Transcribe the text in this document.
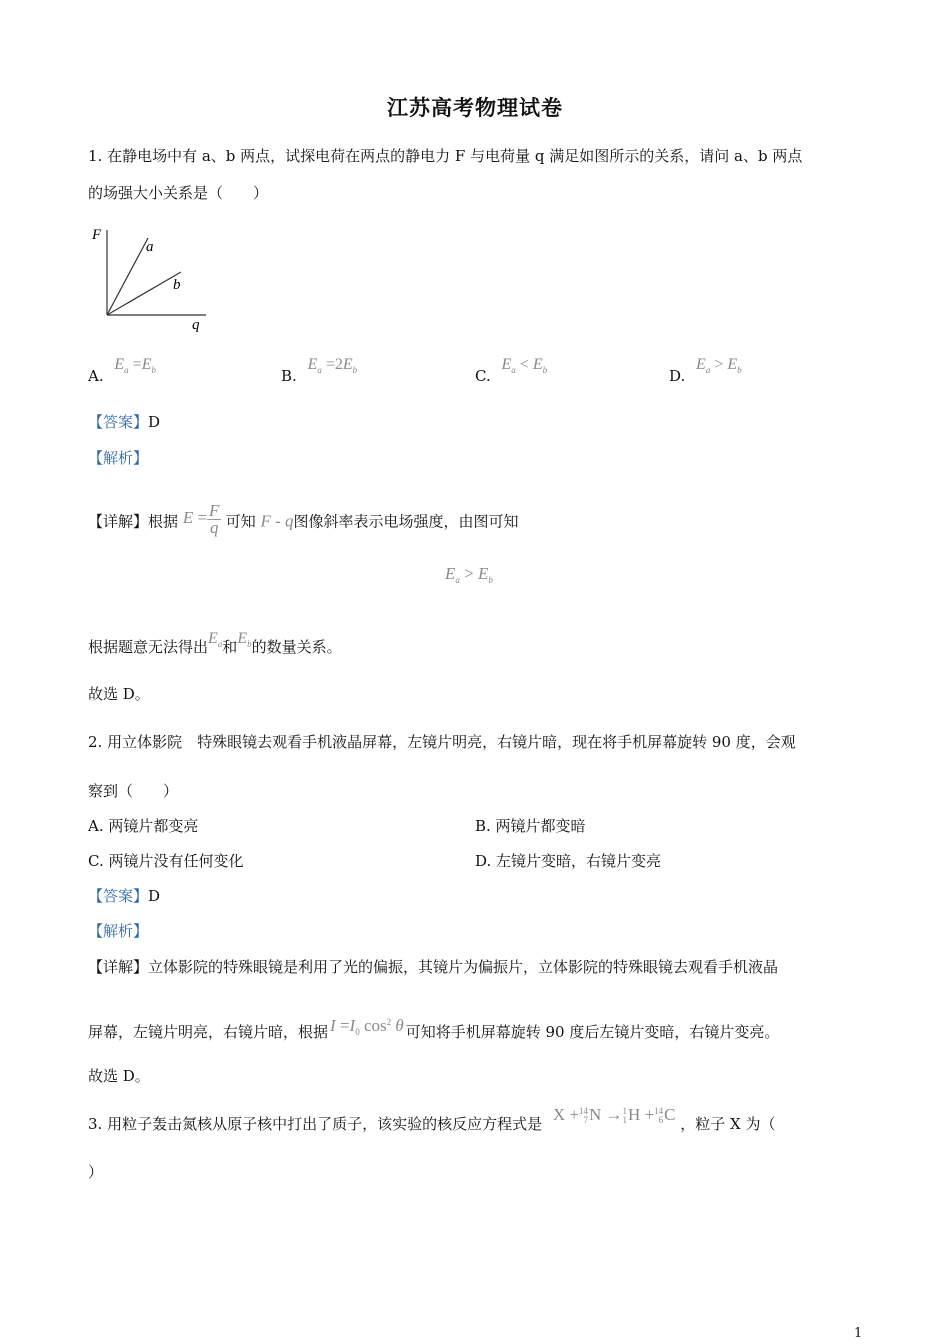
江苏高考物理试卷
1. 在静电场中有 a、b 两点，试探电荷在两点的静电力 F 与电荷量 q 满足如图所示的关系，请问 a、b 两点
的场强大小关系是（　　）
F
q
a
b
A. $E_a =E_b$	B. $E_a =2E_b$	C. $E_a < E_b$	D. $E_a > E_b$
【答案】D
【解析】
【详解】根据 $E = \frac{F}{q}$ 可知 F - q图像斜率表示电场强度，由图可知
$E_a > E_b$
根据题意无法得出$E_a$和$E_b$的数量关系。
故选 D。
2. 用立体影院　特殊眼镜去观看手机液晶屏幕，左镜片明亮，右镜片暗，现在将手机屏幕旋转 90 度，会观
察到（　　）
A. 两镜片都变亮	B. 两镜片都变暗
C. 两镜片没有任何变化	D. 左镜片变暗，右镜片变亮
【答案】D
【解析】
【详解】立体影院的特殊眼镜是利用了光的偏振，其镜片为偏振片，立体影院的特殊眼镜去观看手机液晶
屏幕，左镜片明亮，右镜片暗，根据 $I =I_0$ $\cos^2 \theta$ 可知将手机屏幕旋转 90 度后左镜片变暗，右镜片变亮。
故选 D。
3. 用粒子轰击氮核从原子核中打出了质子，该实验的核反应方程式是 X + 14
7 N → 1
1 H + 14
6 C ，粒子 X 为（
）
1
